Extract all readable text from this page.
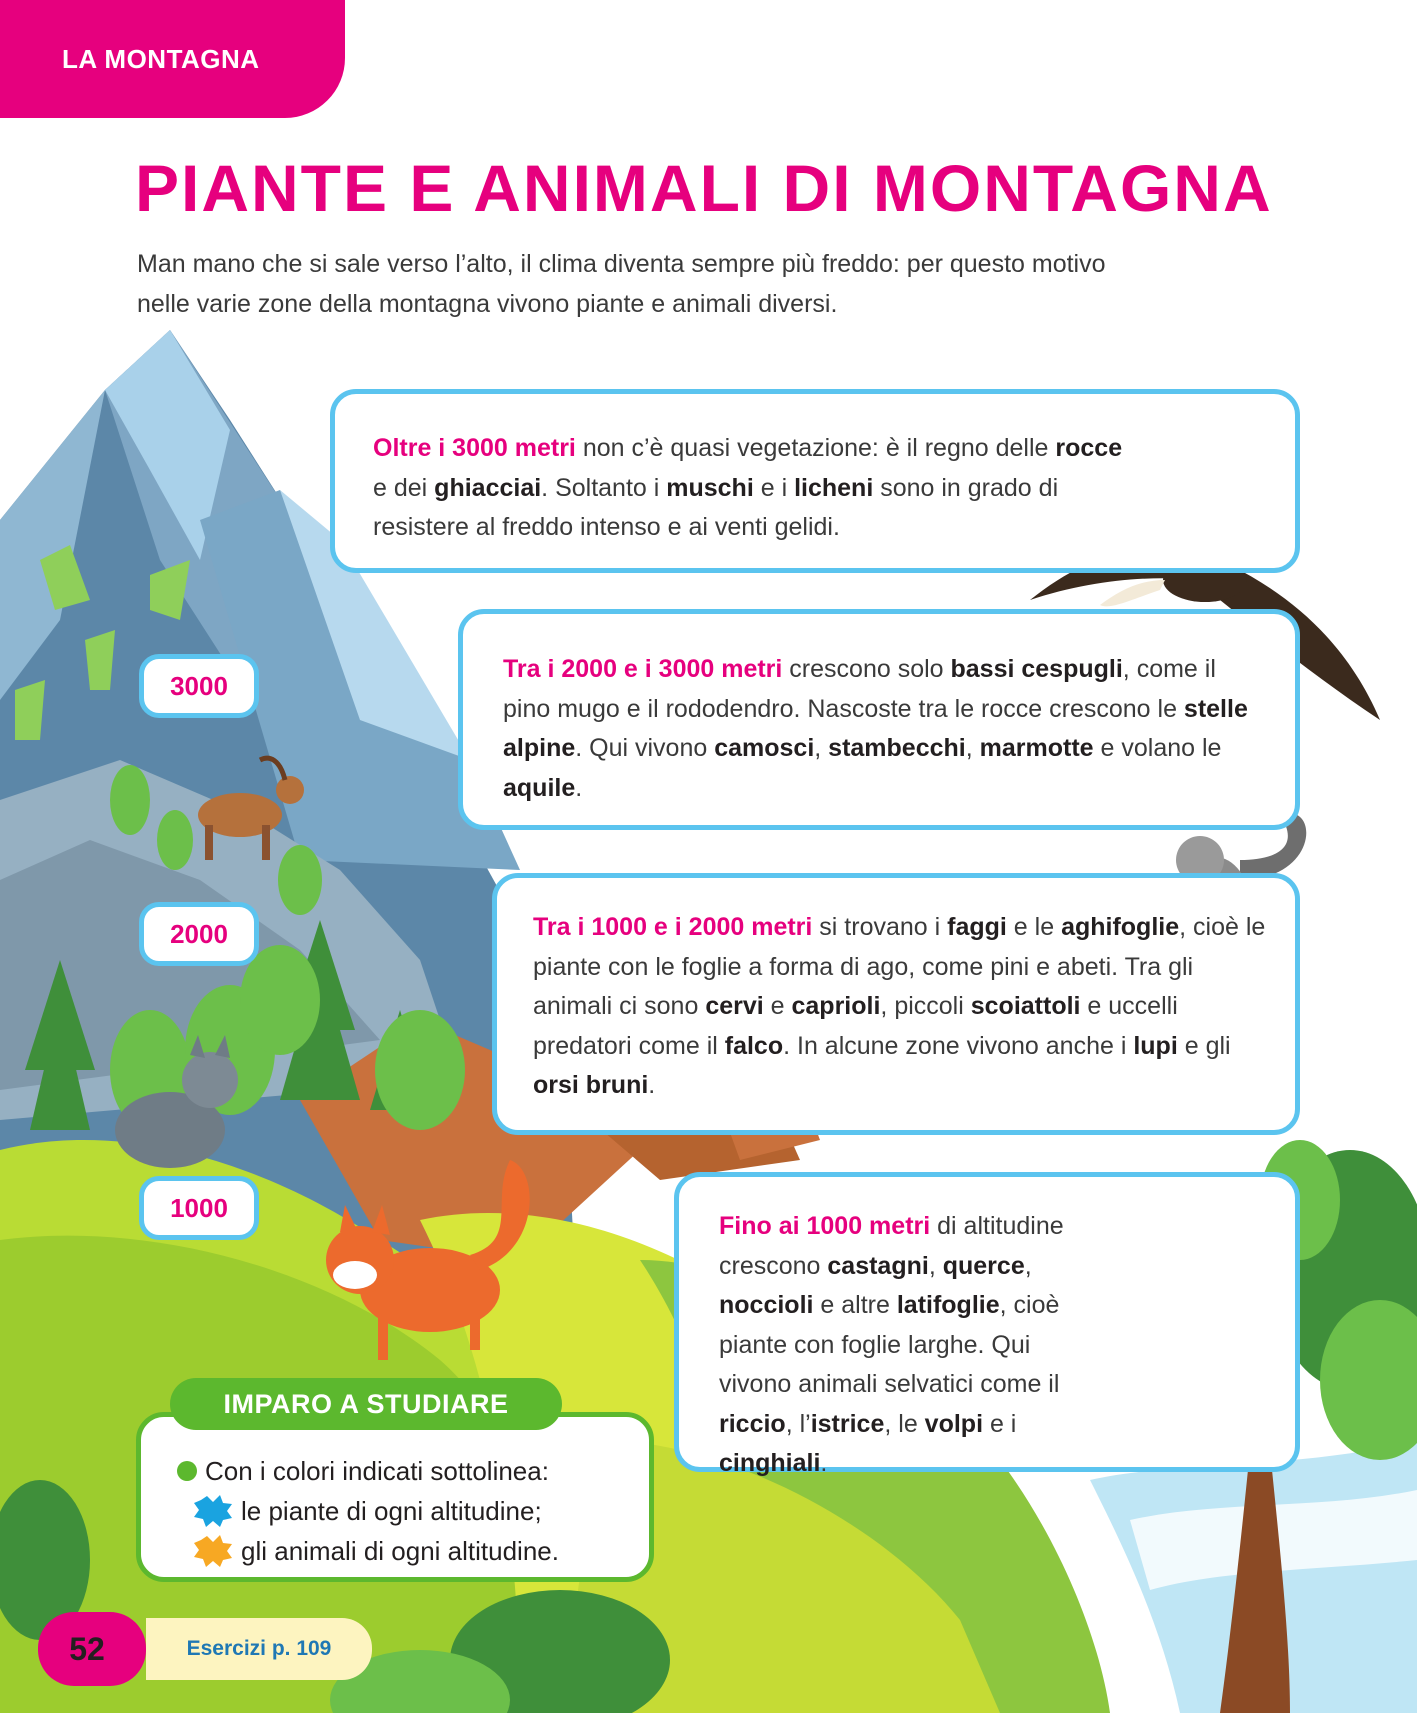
LA MONTAGNA
PIANTE E ANIMALI DI MONTAGNA
Man mano che si sale verso l’alto, il clima diventa sempre più freddo: per questo motivo nelle varie zone della montagna vivono piante e animali diversi.
3000
2000
1000

Oltre i 3000 metri non c’è quasi vegetazione: è il regno delle rocce e dei ghiacciai. Soltanto i muschi e i licheni sono in grado di resistere al freddo intenso e ai venti gelidi.

Tra i 2000 e i 3000 metri crescono solo bassi cespugli, come il pino mugo e il rododendro. Nascoste tra le rocce crescono le stelle alpine. Qui vivono camosci, stambecchi, marmotte e volano le aquile.

Tra i 1000 e i 2000 metri si trovano i faggi e le aghifoglie, cioè le piante con le foglie a forma di ago, come pini e abeti. Tra gli animali ci sono cervi e caprioli, piccoli scoiattoli e uccelli predatori come il falco. In alcune zone vivono anche i lupi e gli orsi bruni.

Fino ai 1000 metri di altitudine crescono castagni, querce, noccioli e altre latifoglie, cioè piante con foglie larghe. Qui vivono animali selvatici come il riccio, l’istrice, le volpi e i cinghiali.

Con i colori indicati sottolinea:
le piante di ogni altitudine;
gli animali di ogni altitudine.
IMPARO A STUDIARE
Esercizi p. 109
52
